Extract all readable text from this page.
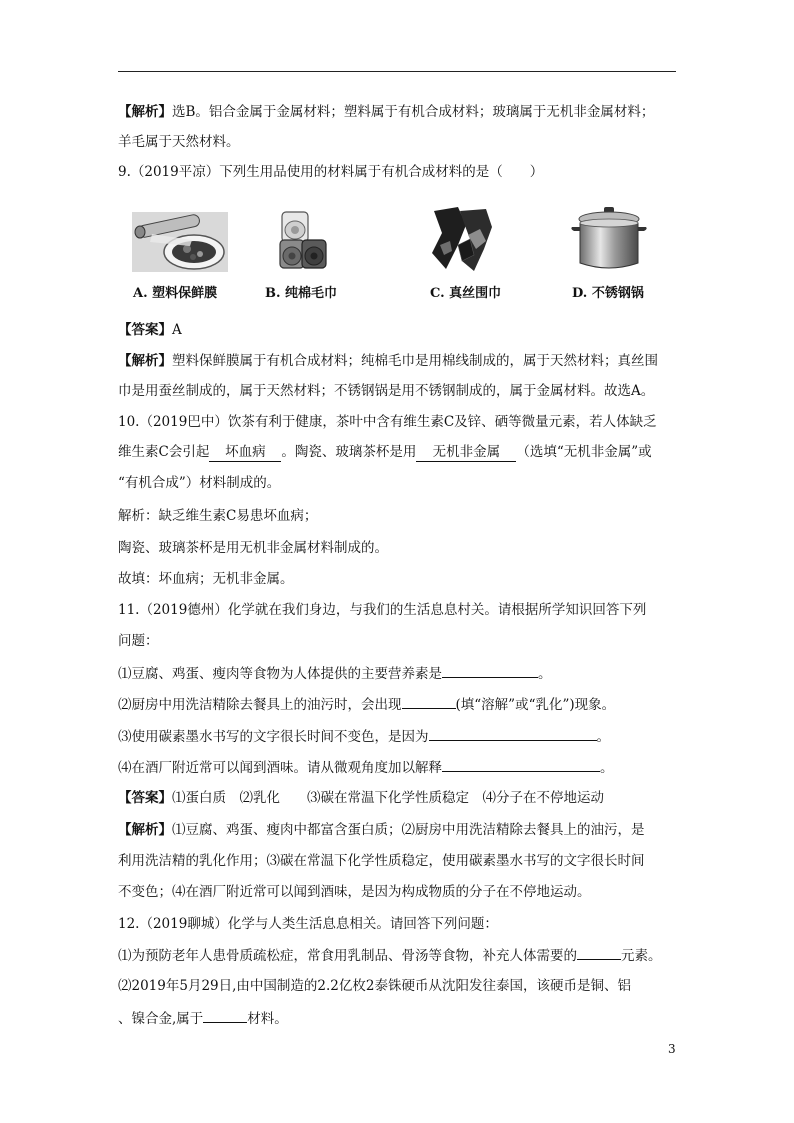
【解析】选B。铝合金属于金属材料；塑料属于有机合成材料；玻璃属于无机非金属材料；
羊毛属于天然材料。
9.（2019平凉）下列生用品使用的材料属于有机合成材料的是（　　）
A. 塑料保鲜膜	B. 纯棉毛巾	C. 真丝围巾	D. 不锈钢锅
【答案】A
【解析】塑料保鲜膜属于有机合成材料；纯棉毛巾是用棉线制成的，属于天然材料；真丝围
巾是用蚕丝制成的，属于天然材料；不锈钢锅是用不锈钢制成的，属于金属材料。故选A。
10.（2019巴中）饮茶有利于健康，茶叶中含有维生素C及锌、硒等微量元素，若人体缺乏
维生素C会引起 坏血病 。陶瓷、玻璃茶杯是用 无机非金属 （选填“无机非金属”或
“有机合成”）材料制成的。
解析：缺乏维生素C易患坏血病；
陶瓷、玻璃茶杯是用无机非金属材料制成的。
故填：坏血病；无机非金属。
11.（2019德州）化学就在我们身边，与我们的生活息息村关。请根据所学知识回答下列
问题：
⑴豆腐、鸡蛋、瘦肉等食物为人体提供的主要营养素是	。
⑵厨房中用洗洁精除去餐具上的油污时，会出现	(填“溶解”或“乳化”)现象。
⑶使用碳素墨水书写的文字很长时间不变色，是因为	。
⑷在酒厂附近常可以闻到酒味。请从微观角度加以解释	。
【答案】⑴蛋白质　⑵乳化　　⑶碳在常温下化学性质稳定　⑷分子在不停地运动
【解析】⑴豆腐、鸡蛋、瘦肉中都富含蛋白质；⑵厨房中用洗洁精除去餐具上的油污，是
利用洗洁精的乳化作用；⑶碳在常温下化学性质稳定，使用碳素墨水书写的文字很长时间
不变色；⑷在酒厂附近常可以闻到酒味，是因为构成物质的分子在不停地运动。
12.（2019聊城）化学与人类生活息息相关。请回答下列问题：
⑴为预防老年人患骨质疏松症，常食用乳制品、骨汤等食物，补充人体需要的	元素。
⑵2019年5月29日,由中国制造的2.2亿枚2泰铢硬币从沈阳发往泰国，该硬币是铜、铝
、镍合金,属于	材料。
3
